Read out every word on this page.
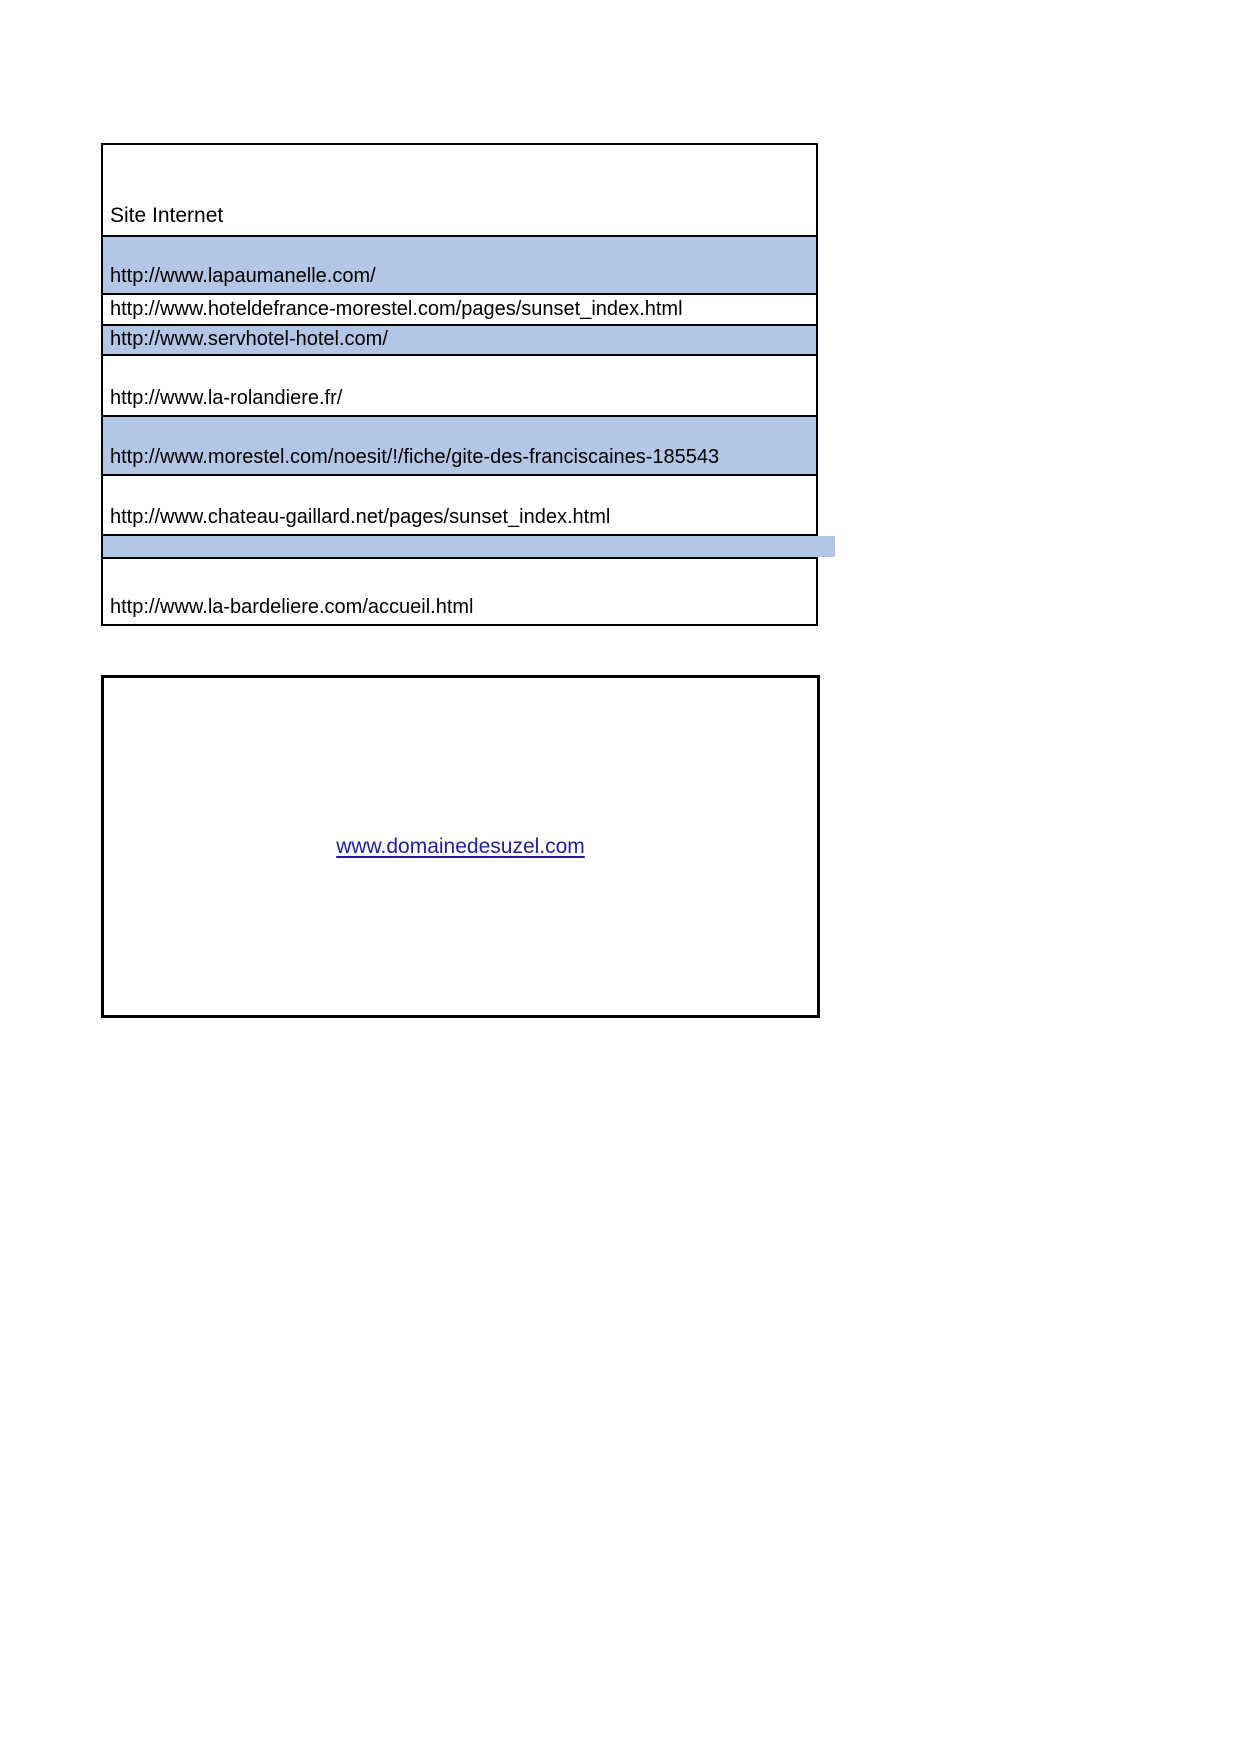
Site Internet
http://www.lapaumanelle.com/
http://www.hoteldefrance-morestel.com/pages/sunset_index.html
http://www.servhotel-hotel.com/
http://www.la-rolandiere.fr/
http://www.morestel.com/noesit/!/fiche/gite-des-franciscaines-185543
http://www.chateau-gaillard.net/pages/sunset_index.html
http://www.la-bardeliere.com/accueil.html
www.domainedesuzel.com
